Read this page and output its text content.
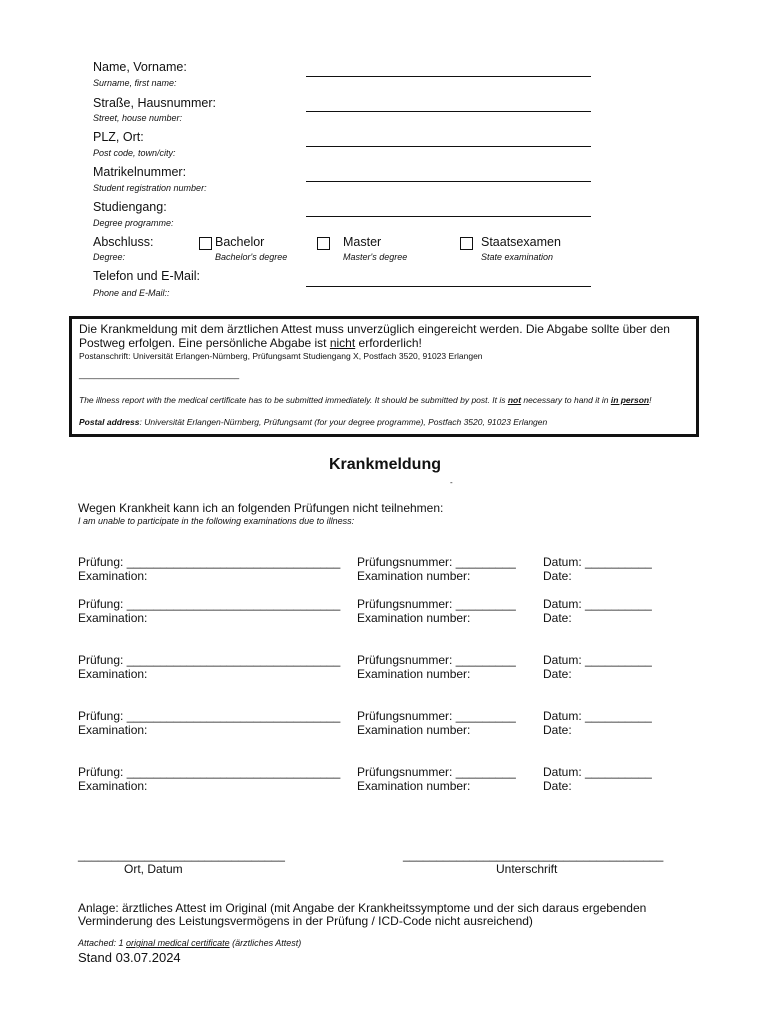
Name, Vorname:
Surname, first name:
Straße, Hausnummer:
Street, house number:
PLZ, Ort:
Post code, town/city:
Matrikelnummer:
Student registration number:
Studiengang:
Degree programme:
Abschluss:
Degree:
Bachelor
Bachelor's degree
Master
Master's degree
Staatsexamen
State examination
Telefon und E-Mail:
Phone and E-Mail::
Die Krankmeldung mit dem ärztlichen Attest muss unverzüglich eingereicht werden. Die Abgabe sollte über den Postweg erfolgen. Eine persönliche Abgabe ist nicht erforderlich!
Postanschrift: Universität Erlangen-Nürnberg, Prüfungsamt Studiengang X, Postfach 3520, 91023 Erlangen
________________________________
The illness report with the medical certificate has to be submitted immediately. It should be submitted by post. It is not necessary to hand it in in person!
Postal address: Universität Erlangen-Nürnberg, Prüfungsamt (for your degree programme), Postfach 3520, 91023 Erlangen
Krankmeldung
-
Wegen Krankheit kann ich an folgenden Prüfungen nicht teilnehmen:
I am unable to participate in the following examinations due to illness:
Prüfung: ________________________________
Examination:
Prüfungsnummer: _________
Examination number:
Datum: __________
Date:
Prüfung: ________________________________
Examination:
Prüfungsnummer: _________
Examination number:
Datum: __________
Date:
Prüfung: ________________________________
Examination:
Prüfungsnummer: _________
Examination number:
Datum: __________
Date:
Prüfung: ________________________________
Examination:
Prüfungsnummer: _________
Examination number:
Datum: __________
Date:
Prüfung: ________________________________
Examination:
Prüfungsnummer: _________
Examination number:
Datum: __________
Date:
_______________________________
Ort, Datum
_______________________________________
Unterschrift
Anlage: ärztliches Attest im Original (mit Angabe der Krankheitssymptome und der sich daraus ergebenden Verminderung des Leistungsvermögens in der Prüfung / ICD-Code nicht ausreichend)
Attached: 1 original medical certificate (ärztliches Attest)
Stand 03.07.2024
